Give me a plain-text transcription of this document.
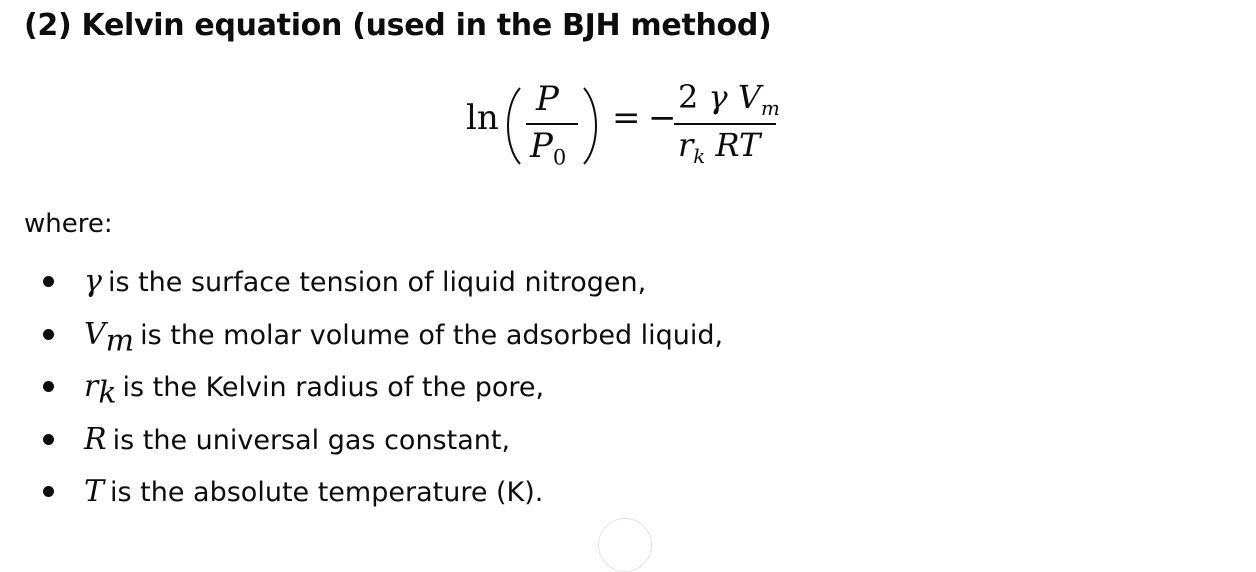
(2) Kelvin equation (used in the BJH method)
ln P
$P_0$
= −
2 γ $V_m$
$r_k$ RT

where:

γ is the surface tension of liquid nitrogen,
$V_m$ is the molar volume of the adsorbed liquid,
$r_k$ is the Kelvin radius of the pore,
R is the universal gas constant,
T is the absolute temperature (K).
